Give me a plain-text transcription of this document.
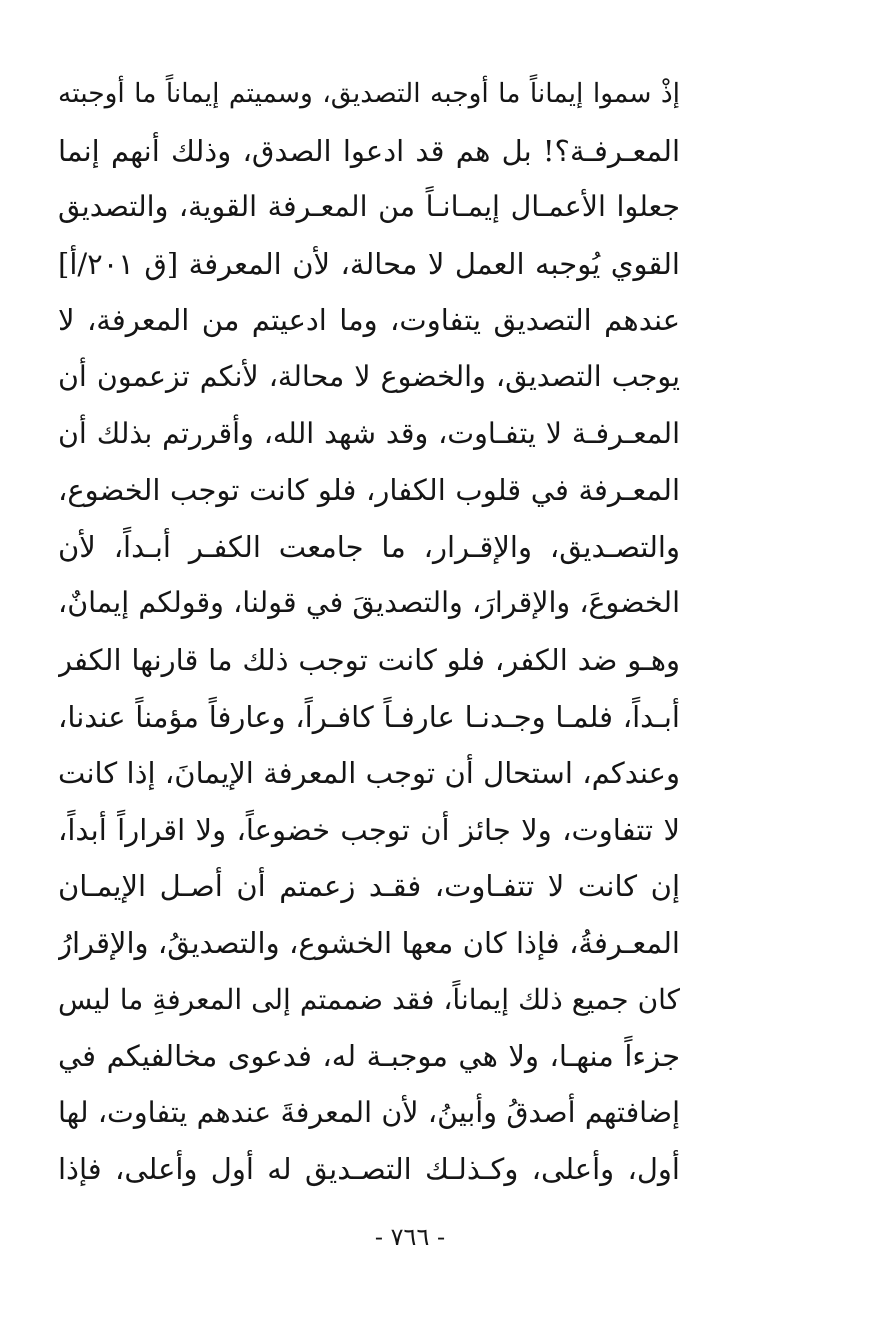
إذْ سموا إيماناً ما أوجبه التصديق، وسميتم إيماناً ما أوجبته
المعـرفـة؟! بل هم قد ادعوا الصدق، وذلك أنهم إنما
جعلوا الأعمـال إيمـانـاً من المعـرفة القوية، والتصديق
القوي يُوجبه العمل لا محالة، لأن المعرفة [ق ٢٠١/أ]
عندهم التصديق يتفاوت، وما ادعيتم من المعرفة، لا
يوجب التصديق، والخضوع لا محالة، لأنكم تزعمون أن
المعـرفـة لا يتفـاوت، وقد شهد الله، وأقررتم بذلك أن
المعـرفة في قلوب الكفار، فلو كانت توجب الخضوع،
والتصـديق، والإقـرار، ما جامعت الكفـر أبـداً، لأن
الخضوعَ، والإقرارَ، والتصديقَ في قولنا، وقولكم إيمانٌ،
وهـو ضد الكفر، فلو كانت توجب ذلك ما قارنها الكفر
أبـداً، فلمـا وجـدنـا عارفـاً كافـراً، وعارفاً مؤمناً عندنا،
وعندكم، استحال أن توجب المعرفة الإيمانَ، إذا كانت
لا تتفاوت، ولا جائز أن توجب خضوعاً، ولا اقراراً أبداً،
إن كانت لا تتفـاوت، فقـد زعمتم أن أصـل الإيمـان
المعـرفةُ، فإذا كان معها الخشوع، والتصديقُ، والإقرارُ
كان جميع ذلك إيماناً، فقد ضممتم إلى المعرفةِ ما ليس
جزءاً منهـا، ولا هي موجبـة له، فدعوى مخالفيكم في
إضافتهم أصدقُ وأبينُ، لأن المعرفةَ عندهم يتفاوت، لها
أول، وأعلى، وكـذلـك التصـديق له أول وأعلى، فإذا
- ٧٦٦ -
